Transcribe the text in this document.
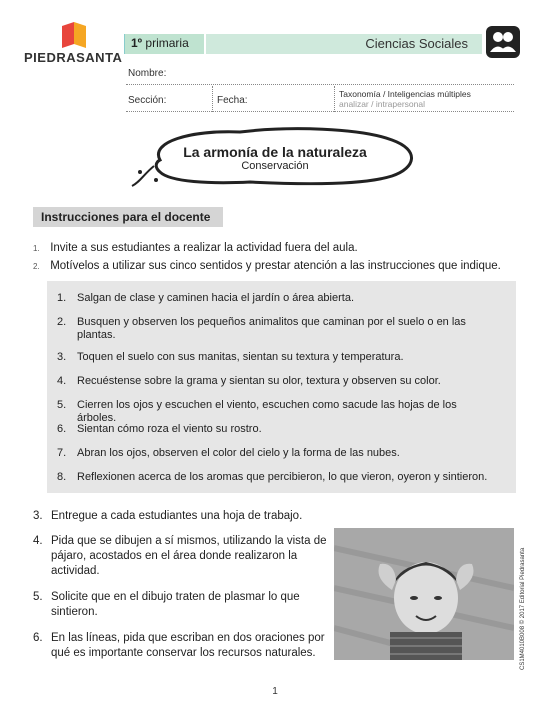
PIEDRASANTA
1º primaria	Ciencias Sociales
Nombre:
Sección:	Fecha:
Taxonomía / Inteligencias múltiples
analizar / intrapersonal
La armonía de la naturaleza
Conservación
Instrucciones para el docente
1. Invite a sus estudiantes a realizar la actividad fuera del aula.
2. Motívelos a utilizar sus cinco sentidos y prestar atención a las instrucciones que indique.
1. Salgan de clase y caminen hacia el jardín o área abierta.
2. Busquen y observen los pequeños animalitos que caminan por el suelo o en las plantas.
3. Toquen el suelo con sus manitas, sientan su textura y temperatura.
4. Recuéstense sobre la grama y sientan su olor, textura y observen su color.
5. Cierren los ojos y escuchen el viento, escuchen como sacude las hojas de los árboles.
6. Sientan cómo roza el viento su rostro.
7. Abran los ojos, observen el color del cielo y la forma de las nubes.
8. Reflexionen acerca de los aromas que percibieron, lo que vieron, oyeron y sintieron.
3. Entregue a cada estudiantes una hoja de trabajo.
4. Pida que se dibujen a sí mismos, utilizando la vista de pájaro, acostados en el área donde realizaron la actividad.
5. Solicite que en el dibujo traten de plasmar lo que sintieron.
6. En las líneas, pida que escriban en dos oraciones por qué es importante conservar los recursos naturales.	CS1M4010B008 © 2017 Editorial Piedrasanta
1
